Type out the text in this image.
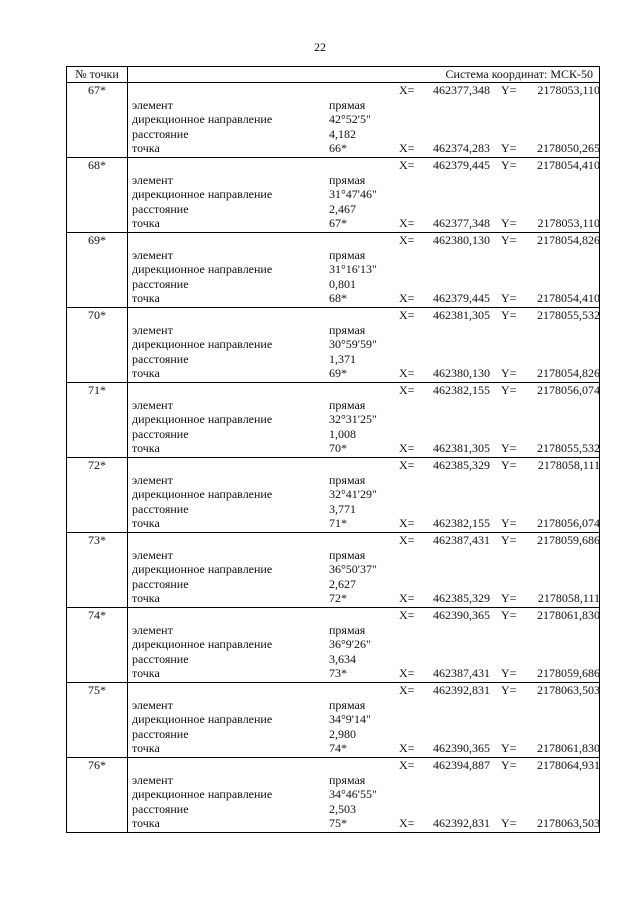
22
№ точки	Система координат: МСК-50
67*	X=	462377,348 Y=	2178053,110
элемент	прямая
дирекционное направление	42°52'5"
расстояние	4,182
точка	66*	X=	462374,283 Y=	2178050,265
68*	X=	462379,445 Y=	2178054,410
элемент	прямая
дирекционное направление	31°47'46"
расстояние	2,467
точка	67*	X=	462377,348 Y=	2178053,110
69*	X=	462380,130 Y=	2178054,826
элемент	прямая
дирекционное направление	31°16'13"
расстояние	0,801
точка	68*	X=	462379,445 Y=	2178054,410
70*	X=	462381,305 Y=	2178055,532
элемент	прямая
дирекционное направление	30°59'59"
расстояние	1,371
точка	69*	X=	462380,130 Y=	2178054,826
71*	X=	462382,155 Y=	2178056,074
элемент	прямая
дирекционное направление	32°31'25"
расстояние	1,008
точка	70*	X=	462381,305 Y=	2178055,532
72*	X=	462385,329 Y=	2178058,111
элемент	прямая
дирекционное направление	32°41'29"
расстояние	3,771
точка	71*	X=	462382,155 Y=	2178056,074
73*	X=	462387,431 Y=	2178059,686
элемент	прямая
дирекционное направление	36°50'37"
расстояние	2,627
точка	72*	X=	462385,329 Y=	2178058,111
74*	X=	462390,365 Y=	2178061,830
элемент	прямая
дирекционное направление	36°9'26"
расстояние	3,634
точка	73*	X=	462387,431 Y=	2178059,686
75*	X=	462392,831 Y=	2178063,503
элемент	прямая
дирекционное направление	34°9'14"
расстояние	2,980
точка	74*	X=	462390,365 Y=	2178061,830
76*	X=	462394,887 Y=	2178064,931
элемент	прямая
дирекционное направление	34°46'55"
расстояние	2,503
точка	75*	X=	462392,831 Y=	2178063,503
